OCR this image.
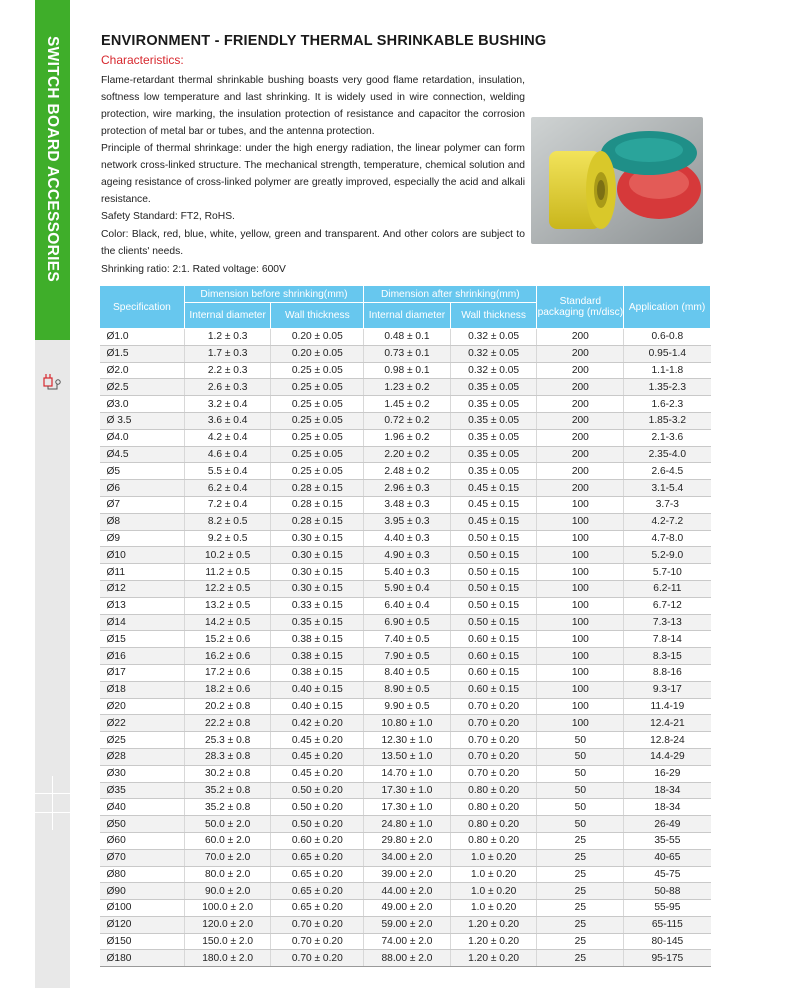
SWITCH BOARD ACCESSORIES	ENVIRONMENT - FRIENDLY THERMAL SHRINKABLE BUSHING
Characteristics:
Flame-retardant thermal shrinkable bushing boasts very good flame retardation, insulation, softness low temperature and last shrinking. It is widely used in wire connection, welding protection, wire marking, the insulation protection of resistance and capacitor the corrosion protection of metal bar or tubes, and the antenna protection.
Principle of thermal shrinkage: under the high energy radiation, the linear polymer can form network cross-linked structure. The mechanical strength, temperature, chemical solution and ageing resistance of cross-linked polymer are greatly improved, especially the acid and alkali resistance.
Safety Standard: FT2, RoHS.
Color: Black, red, blue, white, yellow, green and transparent. And other colors are subject to the clients' needs.
Shrinking ratio: 2:1. Rated voltage: 600V
Specification	Dimension before shrinking(mm)		Dimension after shrinking(mm)		Standard packaging (m/disc)	Application (mm)
	Internal diameter	Wall thickness	Internal diameter	Wall thickness		
Ø1.0	1.2 ± 0.3	0.20 ± 0.05	0.48 ± 0.1	0.32 ± 0.05	200	0.6-0.8
Ø1.5	1.7 ± 0.3	0.20 ± 0.05	0.73 ± 0.1	0.32 ± 0.05	200	0.95-1.4
Ø2.0	2.2 ± 0.3	0.25 ± 0.05	0.98 ± 0.1	0.32 ± 0.05	200	1.1-1.8
Ø2.5	2.6 ± 0.3	0.25 ± 0.05	1.23 ± 0.2	0.35 ± 0.05	200	1.35-2.3
Ø3.0	3.2 ± 0.4	0.25 ± 0.05	1.45 ± 0.2	0.35 ± 0.05	200	1.6-2.3
Ø 3.5	3.6 ± 0.4	0.25 ± 0.05	0.72 ± 0.2	0.35 ± 0.05	200	1.85-3.2
Ø4.0	4.2 ± 0.4	0.25 ± 0.05	1.96 ± 0.2	0.35 ± 0.05	200	2.1-3.6
Ø4.5	4.6 ± 0.4	0.25 ± 0.05	2.20 ± 0.2	0.35 ± 0.05	200	2.35-4.0
Ø5	5.5 ± 0.4	0.25 ± 0.05	2.48 ± 0.2	0.35 ± 0.05	200	2.6-4.5
Ø6	6.2 ± 0.4	0.28 ± 0.15	2.96 ± 0.3	0.45 ± 0.15	200	3.1-5.4
Ø7	7.2 ± 0.4	0.28 ± 0.15	3.48 ± 0.3	0.45 ± 0.15	100	3.7-3
Ø8	8.2 ± 0.5	0.28 ± 0.15	3.95 ± 0.3	0.45 ± 0.15	100	4.2-7.2
Ø9	9.2 ± 0.5	0.30 ± 0.15	4.40 ± 0.3	0.50 ± 0.15	100	4.7-8.0
Ø10	10.2 ± 0.5	0.30 ± 0.15	4.90 ± 0.3	0.50 ± 0.15	100	5.2-9.0
Ø11	11.2 ± 0.5	0.30 ± 0.15	5.40 ± 0.3	0.50 ± 0.15	100	5.7-10
Ø12	12.2 ± 0.5	0.30 ± 0.15	5.90 ± 0.4	0.50 ± 0.15	100	6.2-11
Ø13	13.2 ± 0.5	0.33 ± 0.15	6.40 ± 0.4	0.50 ± 0.15	100	6.7-12
Ø14	14.2 ± 0.5	0.35 ± 0.15	6.90 ± 0.5	0.50 ± 0.15	100	7.3-13
Ø15	15.2 ± 0.6	0.38 ± 0.15	7.40 ± 0.5	0.60 ± 0.15	100	7.8-14
Ø16	16.2 ± 0.6	0.38 ± 0.15	7.90 ± 0.5	0.60 ± 0.15	100	8.3-15
Ø17	17.2 ± 0.6	0.38 ± 0.15	8.40 ± 0.5	0.60 ± 0.15	100	8.8-16
Ø18	18.2 ± 0.6	0.40 ± 0.15	8.90 ± 0.5	0.60 ± 0.15	100	9.3-17
Ø20	20.2 ± 0.8	0.40 ± 0.15	9.90 ± 0.5	0.70 ± 0.20	100	11.4-19
Ø22	22.2 ± 0.8	0.42 ± 0.20	10.80 ± 1.0	0.70 ± 0.20	100	12.4-21
Ø25	25.3 ± 0.8	0.45 ± 0.20	12.30 ± 1.0	0.70 ± 0.20	50	12.8-24
Ø28	28.3 ± 0.8	0.45 ± 0.20	13.50 ± 1.0	0.70 ± 0.20	50	14.4-29
Ø30	30.2 ± 0.8	0.45 ± 0.20	14.70 ± 1.0	0.70 ± 0.20	50	16-29
Ø35	35.2 ± 0.8	0.50 ± 0.20	17.30 ± 1.0	0.80 ± 0.20	50	18-34
Ø40	35.2 ± 0.8	0.50 ± 0.20	17.30 ± 1.0	0.80 ± 0.20	50	18-34
Ø50	50.0 ± 2.0	0.50 ± 0.20	24.80 ± 1.0	0.80 ± 0.20	50	26-49
Ø60	60.0 ± 2.0	0.60 ± 0.20	29.80 ± 2.0	0.80 ± 0.20	25	35-55
Ø70	70.0 ± 2.0	0.65 ± 0.20	34.00 ± 2.0	1.0 ± 0.20	25	40-65
Ø80	80.0 ± 2.0	0.65 ± 0.20	39.00 ± 2.0	1.0 ± 0.20	25	45-75
Ø90	90.0 ± 2.0	0.65 ± 0.20	44.00 ± 2.0	1.0 ± 0.20	25	50-88
Ø100	100.0 ± 2.0	0.65 ± 0.20	49.00 ± 2.0	1.0 ± 0.20	25	55-95
Ø120	120.0 ± 2.0	0.70 ± 0.20	59.00 ± 2.0	1.20 ± 0.20	25	65-115
Ø150	150.0 ± 2.0	0.70 ± 0.20	74.00 ± 2.0	1.20 ± 0.20	25	80-145
Ø180	180.0 ± 2.0	0.70 ± 0.20	88.00 ± 2.0	1.20 ± 0.20	25	95-175
